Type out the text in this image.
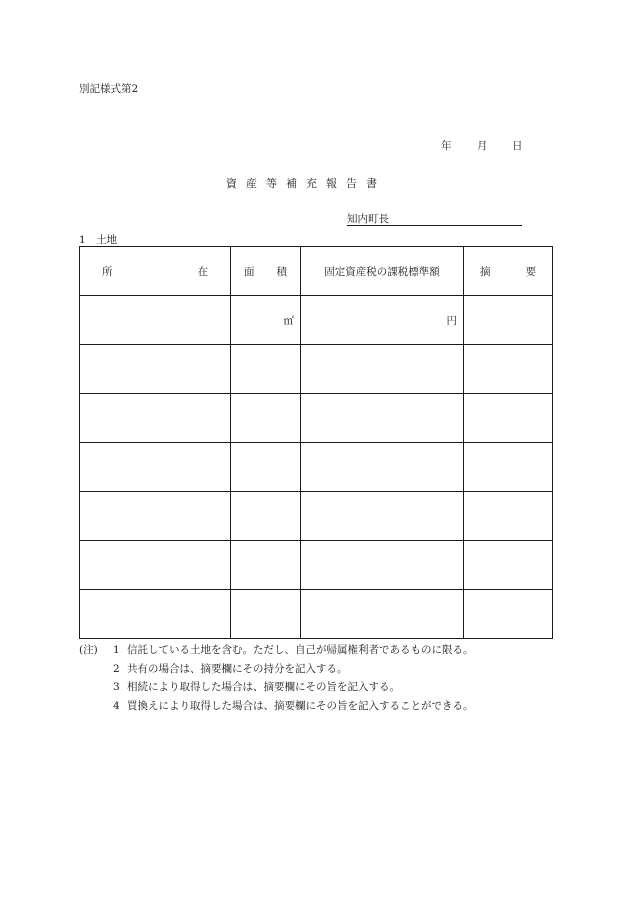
別記様式第2
年 月 日
資産等補充報告書
知内町長
1　土地
所 在	面 積	固定資産税の課税標準額	摘 要

	㎡	円	

(注)	1 信託している土地を含む。ただし、自己が帰属権利者であるものに限る。
2 共有の場合は、摘要欄にその持分を記入する。
3 相続により取得した場合は、摘要欄にその旨を記入する。
4 買換えにより取得した場合は、摘要欄にその旨を記入することができる。
